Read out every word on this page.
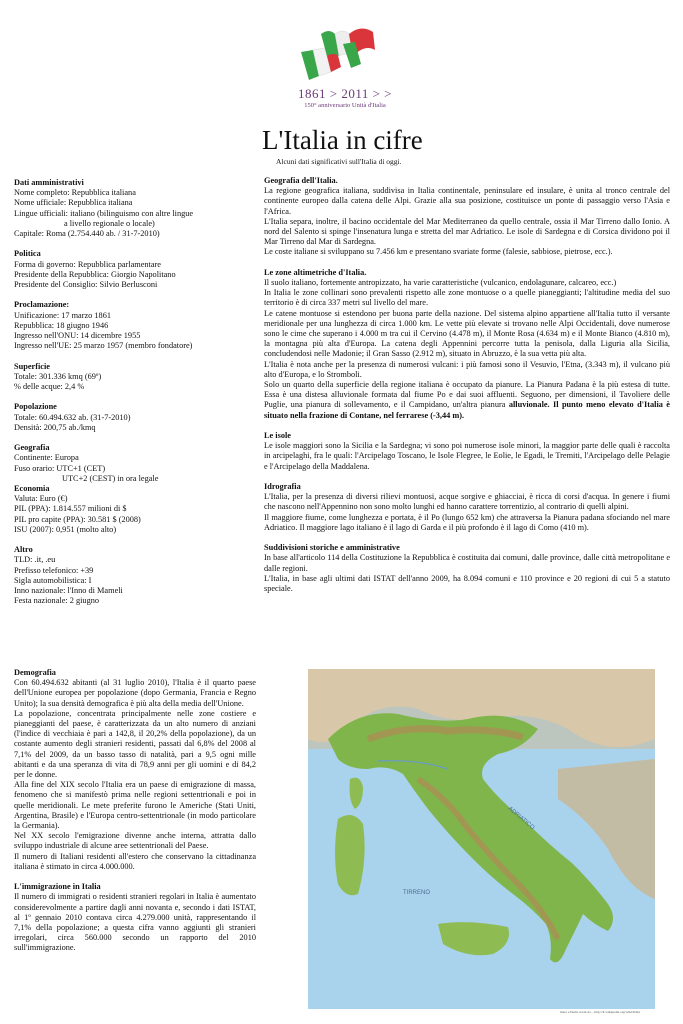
1861 > 2011 > >
150° anniversario Unità d'Italia
L'Italia in cifre
Alcuni dati significativi sull'Italia di oggi.

Dati amministrativi

Nome completo: Repubblica italiana

Nome ufficiale: Repubblica italiana

Lingue ufficiali: italiano (bilinguismo con altre lingue

a livello regionale o locale)

Capitale: Roma (2.754.440 ab. / 31-7-2010)

Politica

Forma di governo: Repubblica parlamentare

Presidente della Repubblica: Giorgio Napolitano

Presidente del Consiglio: Silvio Berlusconi

Proclamazione:

Unificazione: 17 marzo 1861

Repubblica: 18 giugno 1946

Ingresso nell'ONU: 14 dicembre 1955

Ingresso nell'UE: 25 marzo 1957 (membro fondatore)

Superficie

Totale: 301.336 kmq (69º)

% delle acque: 2,4 %

Popolazione

Totale: 60.494.632 ab. (31-7-2010)

Densità: 200,75 ab./kmq

Geografia

Continente: Europa

Fuso orario: UTC+1 (CET)

UTC+2 (CEST) in ora legale

Economia

Valuta: Euro (€)

PIL (PPA): 1.814.557 milioni di $

PIL pro capite (PPA): 30.581 $ (2008)

ISU (2007): 0,951 (molto alto)

Altro

TLD: .it, .eu

Prefisso telefonico: +39

Sigla automobilistica: I

Inno nazionale: l'Inno di Mameli

Festa nazionale: 2 giugno

Demografia

Con 60.494.632 abitanti (al 31 luglio 2010), l'Italia è il quarto paese dell'Unione europea per popolazione (dopo Germania, Francia e Regno Unito); la sua densità demografica è più alta della media dell'Unione.

La popolazione, concentrata principalmente nelle zone costiere e pianeggianti del paese, è caratterizzata da un alto numero di anziani (l'indice di vecchiaia è pari a 142,8, il 20,2% della popolazione), da un costante aumento degli stranieri residenti, passati dal 6,8% del 2008 al 7,1% del 2009, da un basso tasso di natalità, pari a 9,5 ogni mille abitanti e da una speranza di vita di 78,9 anni per gli uomini e di 84,2 per le donne.

Alla fine del XIX secolo l'Italia era un paese di emigrazione di massa, fenomeno che si manifestò prima nelle regioni settentrionali e poi in quelle meridionali. Le mete preferite furono le Americhe (Stati Uniti, Argentina, Brasile) e l'Europa centro-settentrionale (in modo particolare la Germania).

Nel XX secolo l'emigrazione divenne anche interna, attratta dallo sviluppo industriale di alcune aree settentrionali del Paese.

Il numero di Italiani residenti all'estero che conservano la cittadinanza italiana è stimato in circa 4.000.000.

L'immigrazione in Italia

Il numero di immigrati o residenti stranieri regolari in Italia è aumentato considerevolmente a partire dagli anni novanta e, secondo i dati ISTAT, al 1º gennaio 2010 contava circa 4.279.000 unità, rappresentando il 7,1% della popolazione; a questa cifra vanno aggiunti gli stranieri irregolari, circa 560.000 secondo un rapporto del 2010 sull'immigrazione.

Geografia dell'Italia.

La regione geografica italiana, suddivisa in Italia continentale, peninsulare ed insulare, è unita al tronco centrale del continente europeo dalla catena delle Alpi. Grazie alla sua posizione, costituisce un ponte di passaggio verso l'Asia e l'Africa.

L'Italia separa, inoltre, il bacino occidentale del Mar Mediterraneo da quello centrale, ossia il Mar Tirreno dallo Ionio. A nord del Salento si spinge l'insenatura lunga e stretta del mar Adriatico. Le isole di Sardegna e di Corsica dividono poi il Mar Tirreno dal Mar di Sardegna.

Le coste italiane si sviluppano su 7.456 km e presentano svariate forme (falesie, sabbiose, pietrose, ecc.).

Le zone altimetriche d'Italia.

Il suolo italiano, fortemente antropizzato, ha varie caratteristiche (vulcanico, endolagunare, calcareo, ecc.)

In Italia le zone collinari sono prevalenti rispetto alle zone montuose o a quelle pianeggianti; l'altitudine media del suo territorio è di circa 337 metri sul livello del mare.

Le catene montuose si estendono per buona parte della nazione. Del sistema alpino appartiene all'Italia tutto il versante meridionale per una lunghezza di circa 1.000 km. Le vette più elevate si trovano nelle Alpi Occidentali, dove numerose sono le cime che superano i 4.000 m tra cui il Cervino (4.478 m), il Monte Rosa (4.634 m) e il Monte Bianco (4.810 m), la montagna più alta d'Europa. La catena degli Appennini percorre tutta la penisola, dalla Liguria alla Sicilia, concludendosi nelle Madonie; il Gran Sasso (2.912 m), situato in Abruzzo, è la sua vetta più alta.

L'Italia è nota anche per la presenza di numerosi vulcani: i più famosi sono il Vesuvio, l'Etna, (3.343 m), il vulcano più alto d'Europa, e lo Stromboli.

Solo un quarto della superficie della regione italiana è occupato da pianure. La Pianura Padana è la più estesa di tutte. Essa è una distesa alluvionale formata dal fiume Po e dai suoi affluenti. Seguono, per dimensioni, il Tavoliere delle Puglie, una pianura di sollevamento, e il Campidano, un'altra pianura alluvionale. Il punto meno elevato d'Italia è situato nella frazione di Contane, nel ferrarese (-3,44 m).

Le isole

Le isole maggiori sono la Sicilia e la Sardegna; vi sono poi numerose isole minori, la maggior parte delle quali è raccolta in arcipelaghi, fra le quali: l'Arcipelago Toscano, le Isole Flegree, le Eolie, le Egadi, le Tremiti, l'Arcipelago delle Pelagie e l'Arcipelago della Maddalena.

Idrografia

L'Italia, per la presenza di diversi rilievi montuosi, acque sorgive e ghiacciai, è ricca di corsi d'acqua. In genere i fiumi che nascono nell'Appennino non sono molto lunghi ed hanno carattere torrentizio, al contrario di quelli alpini.

Il maggiore fiume, come lunghezza e portata, è il Po (lungo 652 km) che attraversa la Pianura padana sfociando nel mare Adriatico. Il maggiore lago italiano è il lago di Garda e il più profondo è il lago di Como (410 m).

Suddivisioni storiche e amministrative

In base all'articolo 114 della Costituzione la Repubblica è costituita dai comuni, dalle province, dalle città metropolitane e dalle regioni.

L'Italia, in base agli ultimi dati ISTAT dell'anno 2009, ha 8.094 comuni e 110 province e 20 regioni di cui 5 a statuto speciale.

ADRIATICO
TIRRENO
mare e fiumi creati da .. http://it.wikipedia.org/wiki/Italia
